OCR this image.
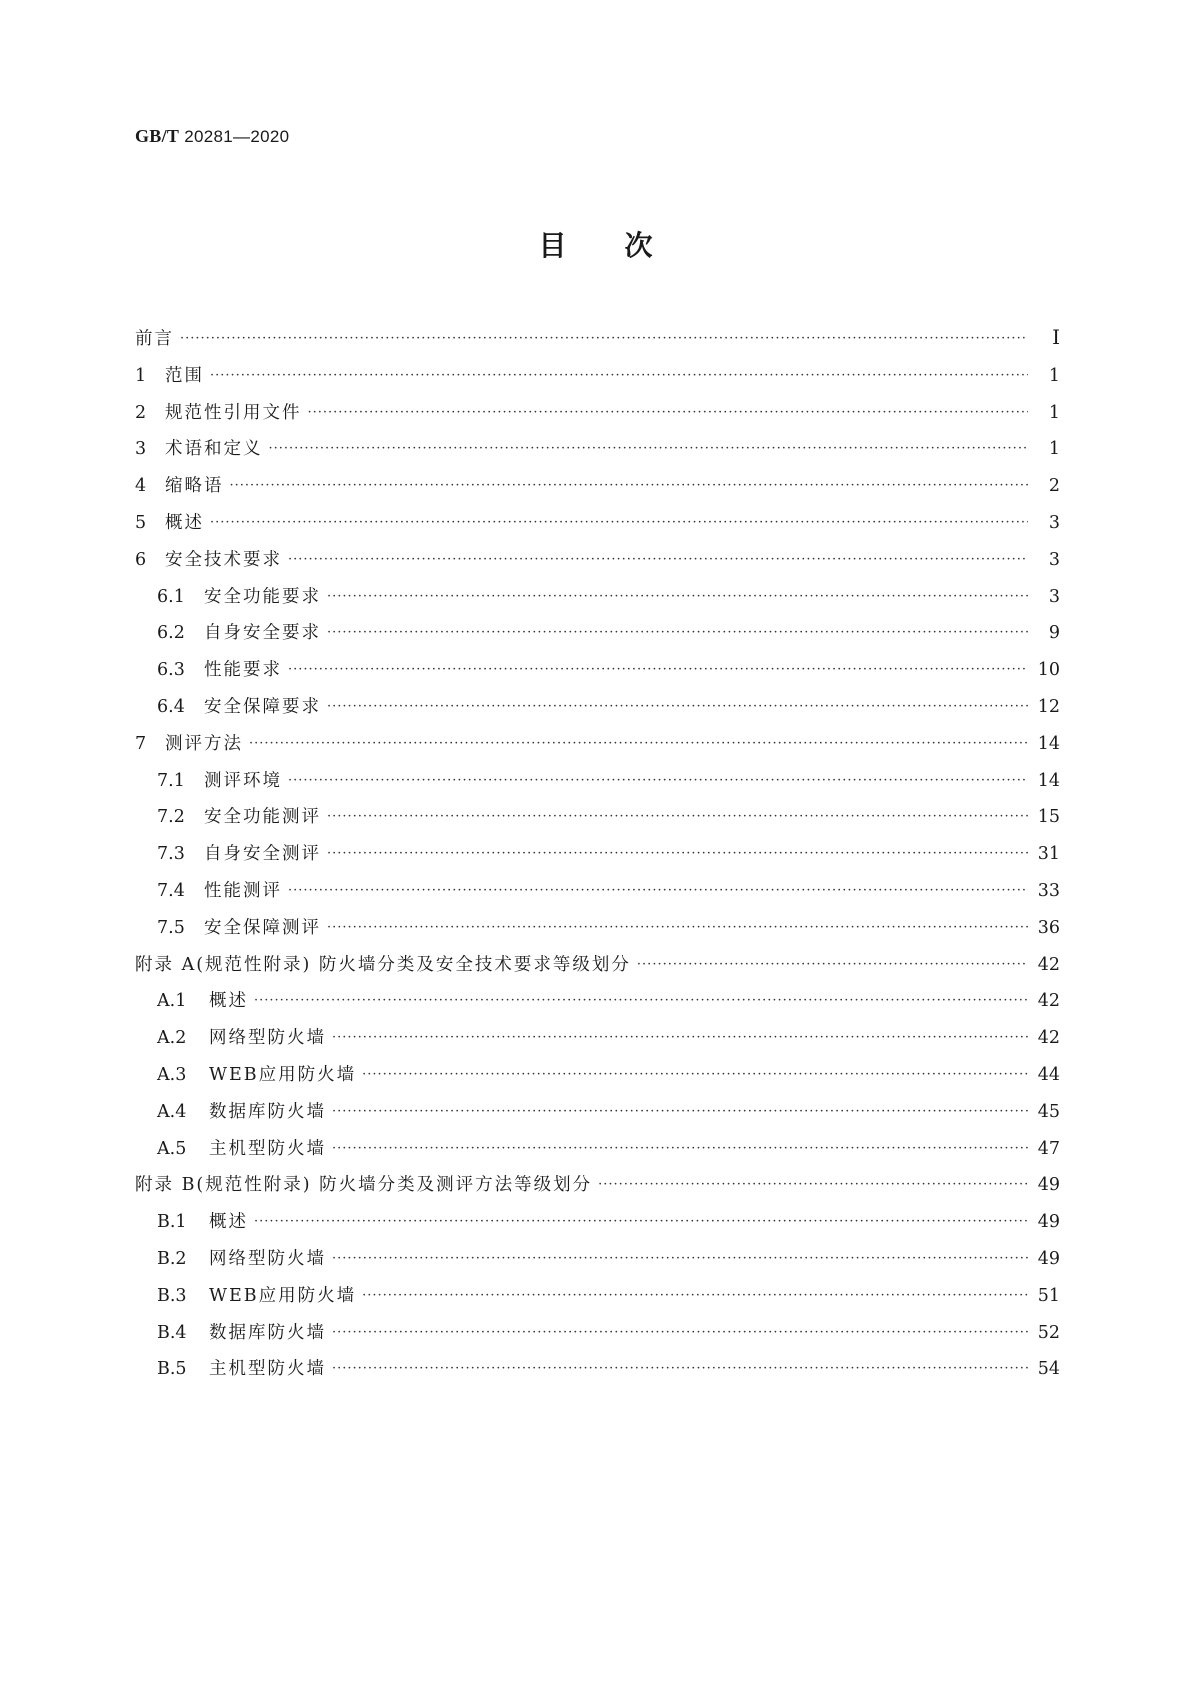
GB/T 20281—2020
目次
前言 ·····	Ⅰ
1	范围 ·····	1
2	规范性引用文件 ·····	1
3	术语和定义 ·····	1
4	缩略语 ·····	2
5	概述 ·····	3
6	安全技术要求 ·····	3
6.1	安全功能要求 ·····	3
6.2	自身安全要求 ·····	9
6.3	性能要求 ·····	10
6.4	安全保障要求 ·····	12
7	测评方法 ·····	14
7.1	测评环境 ·····	14
7.2	安全功能测评 ·····	15
7.3	自身安全测评 ·····	31
7.4	性能测评 ·····	33
7.5	安全保障测评 ·····	36
附录 A(规范性附录) 防火墙分类及安全技术要求等级划分 ·····	42
A.1	概述 ·····	42
A.2	网络型防火墙 ·····	42
A.3	WEB应用防火墙 ·····	44
A.4	数据库防火墙 ·····	45
A.5	主机型防火墙 ·····	47
附录 B(规范性附录) 防火墙分类及测评方法等级划分 ·····	49
B.1	概述 ·····	49
B.2	网络型防火墙 ·····	49
B.3	WEB应用防火墙 ·····	51
B.4	数据库防火墙 ·····	52
B.5	主机型防火墙 ·····	54
